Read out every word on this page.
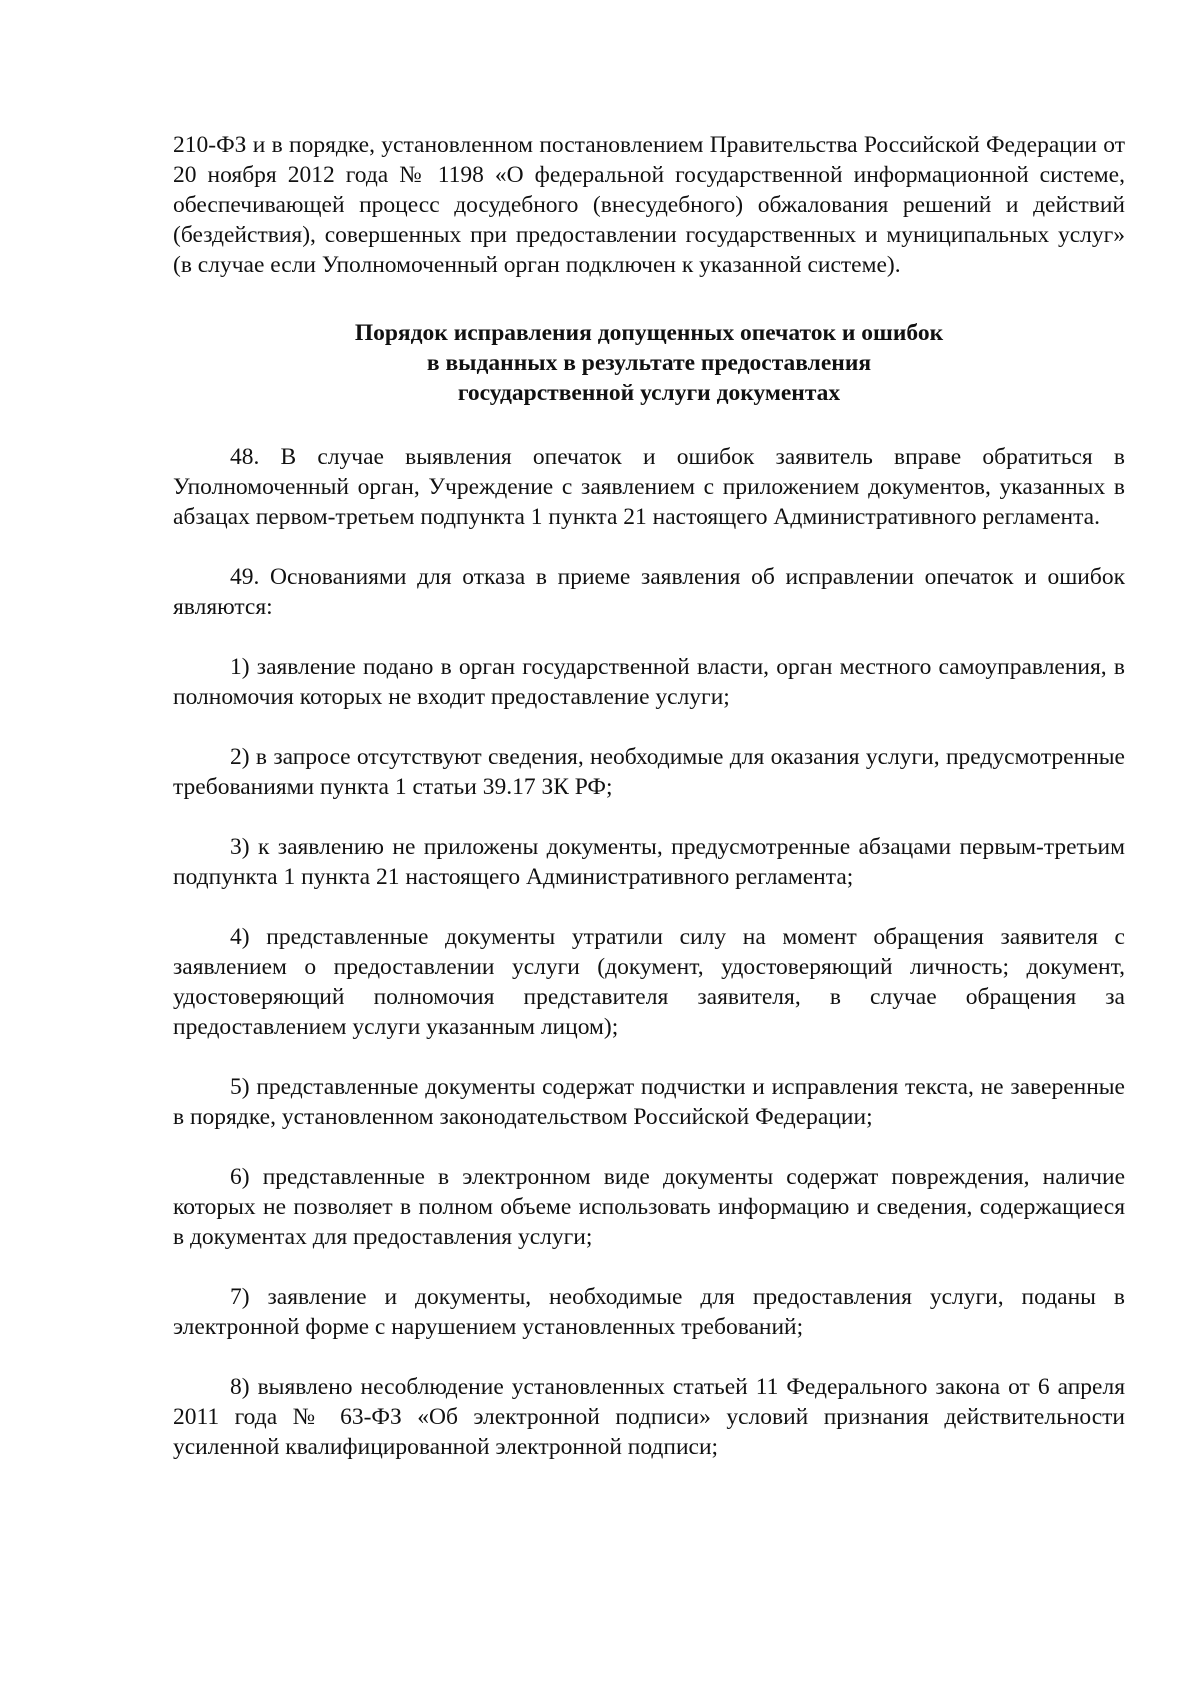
210-ФЗ и в порядке, установленном постановлением Правительства Российской Федерации от 20 ноября 2012 года № 1198 «О федеральной государственной информационной системе, обеспечивающей процесс досудебного (внесудебного) обжалования решений и действий (бездействия), совершенных при предоставлении государственных и муниципальных услуг» (в случае если Уполномоченный орган подключен к указанной системе).

Порядок исправления допущенных опечаток и ошибок
в выданных в результате предоставления
государственной услуги документах

48. В случае выявления опечаток и ошибок заявитель вправе обратиться в Уполномоченный орган, Учреждение с заявлением с приложением документов, указанных в абзацах первом-третьем подпункта 1 пункта 21 настоящего Административного регламента.

49. Основаниями для отказа в приеме заявления об исправлении опечаток и ошибок являются:

1) заявление подано в орган государственной власти, орган местного самоуправления, в полномочия которых не входит предоставление услуги;

2) в запросе отсутствуют сведения, необходимые для оказания услуги, предусмотренные требованиями пункта 1 статьи 39.17 ЗК РФ;

3) к заявлению не приложены документы, предусмотренные абзацами первым-третьим подпункта 1 пункта 21 настоящего Административного регламента;

4) представленные документы утратили силу на момент обращения заявителя с заявлением о предоставлении услуги (документ, удостоверяющий личность; документ, удостоверяющий полномочия представителя заявителя, в случае обращения за предоставлением услуги указанным лицом);

5) представленные документы содержат подчистки и исправления текста, не заверенные в порядке, установленном законодательством Российской Федерации;

6) представленные в электронном виде документы содержат повреждения, наличие которых не позволяет в полном объеме использовать информацию и сведения, содержащиеся в документах для предоставления услуги;

7) заявление и документы, необходимые для предоставления услуги, поданы в электронной форме с нарушением установленных требований;

8) выявлено несоблюдение установленных статьей 11 Федерального закона от 6 апреля 2011 года № 63-ФЗ «Об электронной подписи» условий признания действительности усиленной квалифицированной электронной подписи;
